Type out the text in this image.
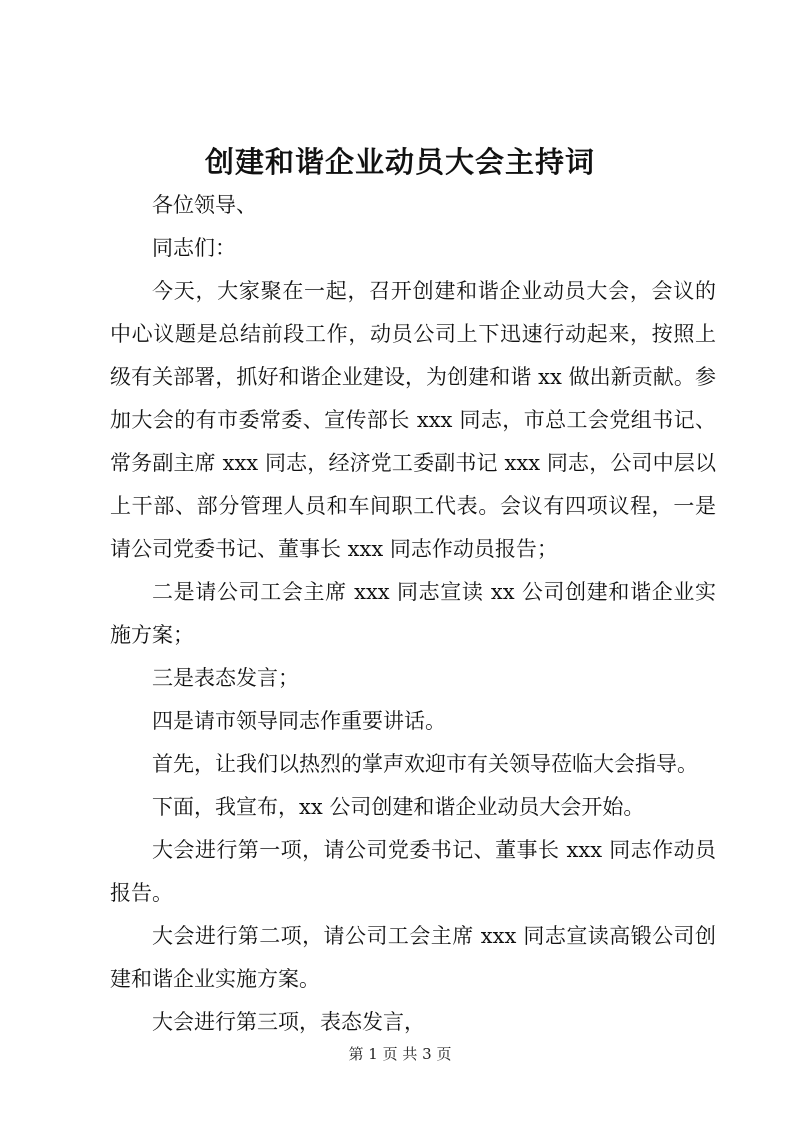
创建和谐企业动员大会主持词

各位领导、

同志们：

今天，大家聚在一起，召开创建和谐企业动员大会，会议的中心议题是总结前段工作，动员公司上下迅速行动起来，按照上级有关部署，抓好和谐企业建设，为创建和谐 xx 做出新贡献。参加大会的有市委常委、宣传部长 xxx 同志，市总工会党组书记、常务副主席 xxx 同志，经济党工委副书记 xxx 同志，公司中层以上干部、部分管理人员和车间职工代表。会议有四项议程，一是请公司党委书记、董事长 xxx 同志作动员报告；

二是请公司工会主席 xxx 同志宣读 xx 公司创建和谐企业实施方案；

三是表态发言；

四是请市领导同志作重要讲话。

首先，让我们以热烈的掌声欢迎市有关领导莅临大会指导。

下面，我宣布，xx 公司创建和谐企业动员大会开始。

大会进行第一项，请公司党委书记、董事长 xxx 同志作动员报告。

大会进行第二项，请公司工会主席 xxx 同志宣读高锻公司创建和谐企业实施方案。

大会进行第三项，表态发言，

第 1 页 共 3 页
